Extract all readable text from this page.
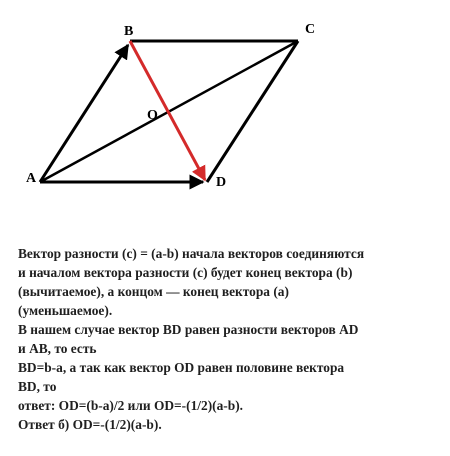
A
B	C
D
O

Вектор разности (c) = (a-b) начала векторов соединяются
и началом вектора разности (с) будет конец вектора (b)
(вычитаемое), а концом — конец вектора (а)
(уменьшаемое).
В нашем случае вектор BD равен разности векторов AD
и AB, то есть
BD=b-a, а так как вектор OD равен половине вектора
BD, то
ответ: OD=(b-a)/2 или OD=-(1/2)(a-b).
Ответ б) OD=-(1/2)(a-b).
